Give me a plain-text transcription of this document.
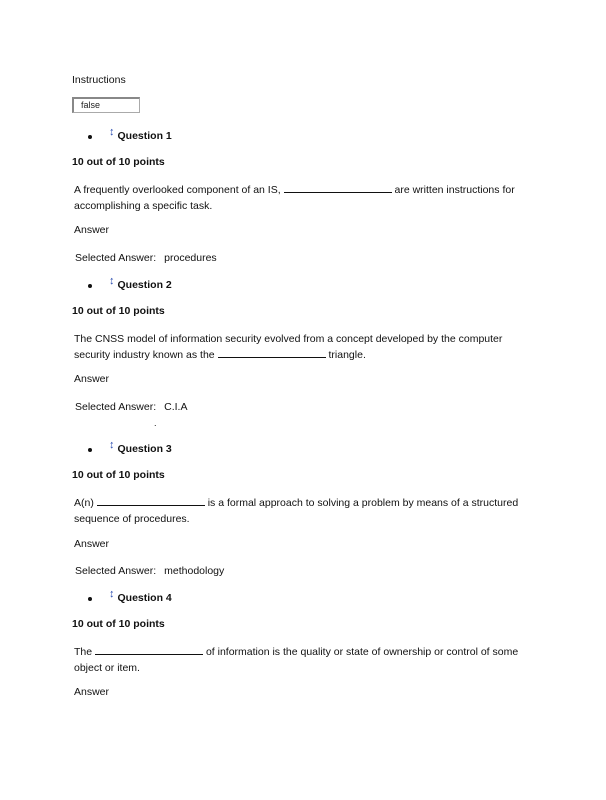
Instructions
false
↕ Question 1
10 out of 10 points
A frequently overlooked component of an IS,	are written instructions for accomplishing a specific task.
Answer
Selected Answer: procedures
↕ Question 2
10 out of 10 points
The CNSS model of information security evolved from a concept developed by the computer security industry known as the	triangle.
Answer
Selected Answer: C.I.A
.
↕ Question 3
10 out of 10 points
A(n)	is a formal approach to solving a problem by means of a structured sequence of procedures.
Answer
Selected Answer: methodology
↕ Question 4
10 out of 10 points
The	of information is the quality or state of ownership or control of some object or item.
Answer
